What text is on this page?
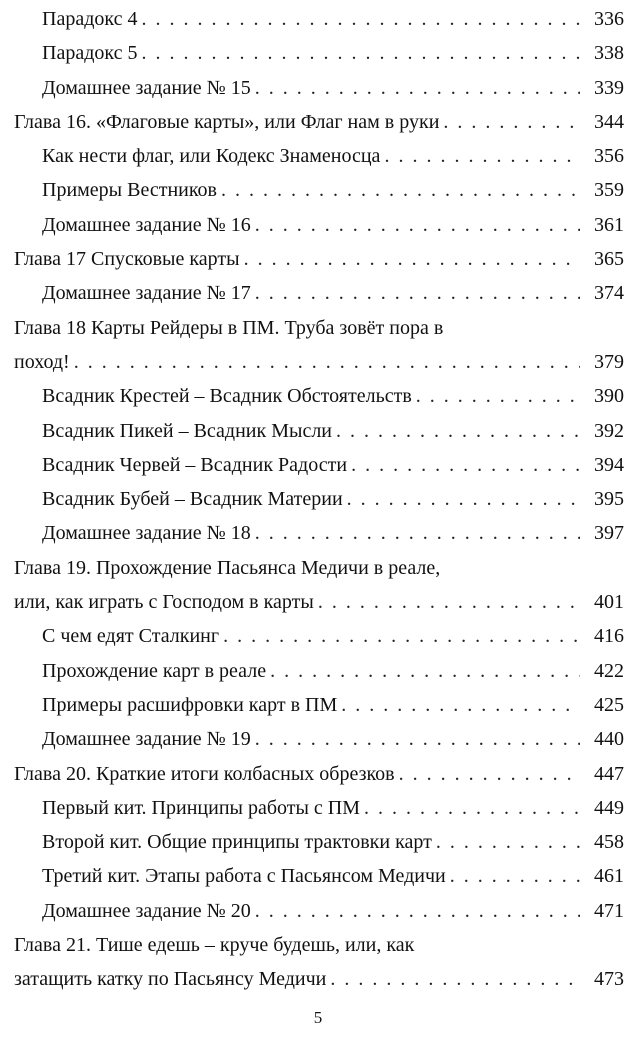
Парадокс 4 . . .	336
Парадокс 5 . . .	338
Домашнее задание № 15 . . .	339
Глава 16. «Флаговые карты», или Флаг нам в руки . . .	344
Как нести флаг, или Кодекс Знаменосца . . .	356
Примеры Вестников . . .	359
Домашнее задание № 16 . . .	361
Глава 17 Спусковые карты . . .	365
Домашнее задание № 17 . . .	374
Глава 18 Карты Рейдеры в ПМ. Труба зовёт пора в
поход! . . .	379
Всадник Крестей – Всадник Обстоятельств . . .	390
Всадник Пикей – Всадник Мысли . . .	392
Всадник Червей – Всадник Радости . . .	394
Всадник Бубей – Всадник Материи . . .	395
Домашнее задание № 18 . . .	397
Глава 19. Прохождение Пасьянса Медичи в реале,
или, как играть с Господом в карты . . .	401
С чем едят Сталкинг . . .	416
Прохождение карт в реале . . .	422
Примеры расшифровки карт в ПМ . . .	425
Домашнее задание № 19 . . .	440
Глава 20. Краткие итоги колбасных обрезков . . .	447
Первый кит. Принципы работы с ПМ . . .	449
Второй кит. Общие принципы трактовки карт . . .	458
Третий кит. Этапы работа с Пасьянсом Медичи . . .	461
Домашнее задание № 20 . . .	471
Глава 21. Тише едешь – круче будешь, или, как
затащить катку по Пасьянсу Медичи . . .	473
5
